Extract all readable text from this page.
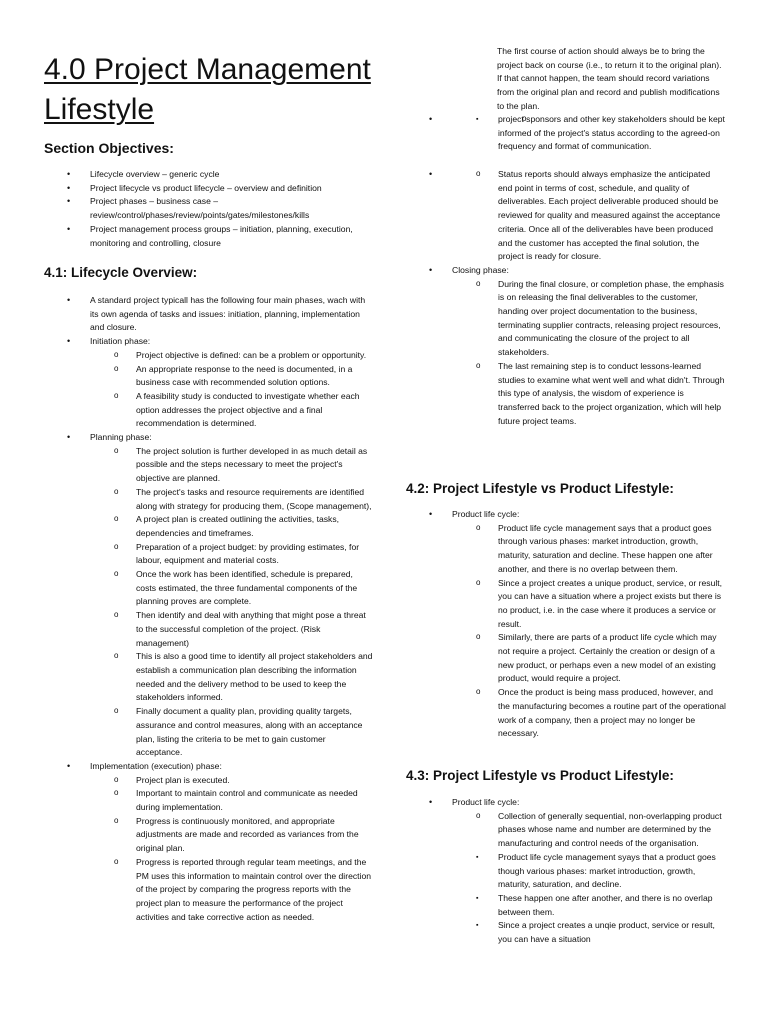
4.0 Project Management Lifestyle
Section Objectives:
• Lifecycle overview – generic cycle
• Project lifecycle vs product lifecycle – overview and definition
• Project phases – business case – review/control/phases/review/points/gates/milestones/kills
• Project management process groups – initiation, planning, execution, monitoring and controlling, closure
4.1: Lifecycle Overview:
• A standard project typicall has the following four main phases, wach with its own agenda of tasks and issues: initiation, planning, implementation and closure.
• Initiation phase:
o Project objective is defined: can be a problem or opportunity.
o An appropriate response to the need is documented, in a business case with recommended solution options.
o A feasibility study is conducted to investigate whether each option addresses the project objective and a final recommendation is determined.
• Planning phase:
o The project solution is further developed in as much detail as possible and the steps necessary to meet the project's objective are planned.
o The project's tasks and resource requirements are identified along with strategy for producing them, (Scope management),
o A project plan is created outlining the activities, tasks, dependencies and timeframes.
o Preparation of a project budget: by providing estimates, for labour, equipment and material costs.
o Once the work has been identified, schedule is prepared, costs estimated, the three fundamental components of the planning proves are complete.
o Then identify and deal with anything that might pose a threat to the successful completion of the project. (Risk management)
o This is also a good time to identify all project stakeholders and establish a communication plan describing the information needed and the delivery method to be used to keep the stakeholders informed.
o Finally document a quality plan, providing quality targets, assurance and control measures, along with an acceptance plan, listing the criteria to be met to gain customer acceptance.
• Implementation (execution) phase:
o Project plan is executed.
o Important to maintain control and communicate as needed during implementation.
o Progress is continuously monitored, and appropriate adjustments are made and recorded as variances from the original plan.
o Progress is reported through regular team meetings, and the PM uses this information to maintain control over the direction of the project by comparing the progress reports with the project plan to measure the performance of the project activities and take corrective action as needed.
The first course of action should always be to bring the project back on course (i.e., to return it to the original plan). If that cannot happen, the team should record variations from the original plan and record and publish modifications to the plan.
▪ o • project sponsors and other key stakeholders should be kept informed of the project's status according to the agreed-on frequency and format of communication.
o • Status reports should always emphasize the anticipated end point in terms of cost, schedule, and quality of deliverables. Each project deliverable produced should be reviewed for quality and measured against the acceptance criteria. Once all of the deliverables have been produced and the customer has accepted the final solution, the project is ready for closure.
• Closing phase:
o During the final closure, or completion phase, the emphasis is on releasing the final deliverables to the customer, handing over project documentation to the business, terminating supplier contracts, releasing project resources, and communicating the closure of the project to all stakeholders.
o The last remaining step is to conduct lessons-learned studies to examine what went well and what didn't. Through this type of analysis, the wisdom of experience is transferred back to the project organization, which will help future project teams.
4.2: Project Lifestyle vs Product Lifestyle:
• Product life cycle:
o Product life cycle management says that a product goes through various phases: market introduction, growth, maturity, saturation and decline. These happen one after another, and there is no overlap between them.
o Since a project creates a unique product, service, or result, you can have a situation where a project exists but there is no product, i.e. in the case where it produces a service or result.
o Similarly, there are parts of a product life cycle which may not require a project. Certainly the creation or design of a new product, or perhaps even a new model of an existing product, would require a project.
o Once the product is being mass produced, however, and the manufacturing becomes a routine part of the operational work of a company, then a project may no longer be necessary.
4.3: Project Lifestyle vs Product Lifestyle:
• Product life cycle:
o Collection of generally sequential, non-overlapping product phases whose name and number are determined by the manufacturing and control needs of the organisation.
▪ Product life cycle management syays that a product goes though various phases: market introduction, growth, maturity, saturation, and decline.
▪ These happen one after another, and there is no overlap between them.
▪ Since a project creates a unqie product, service or result, you can have a situation
